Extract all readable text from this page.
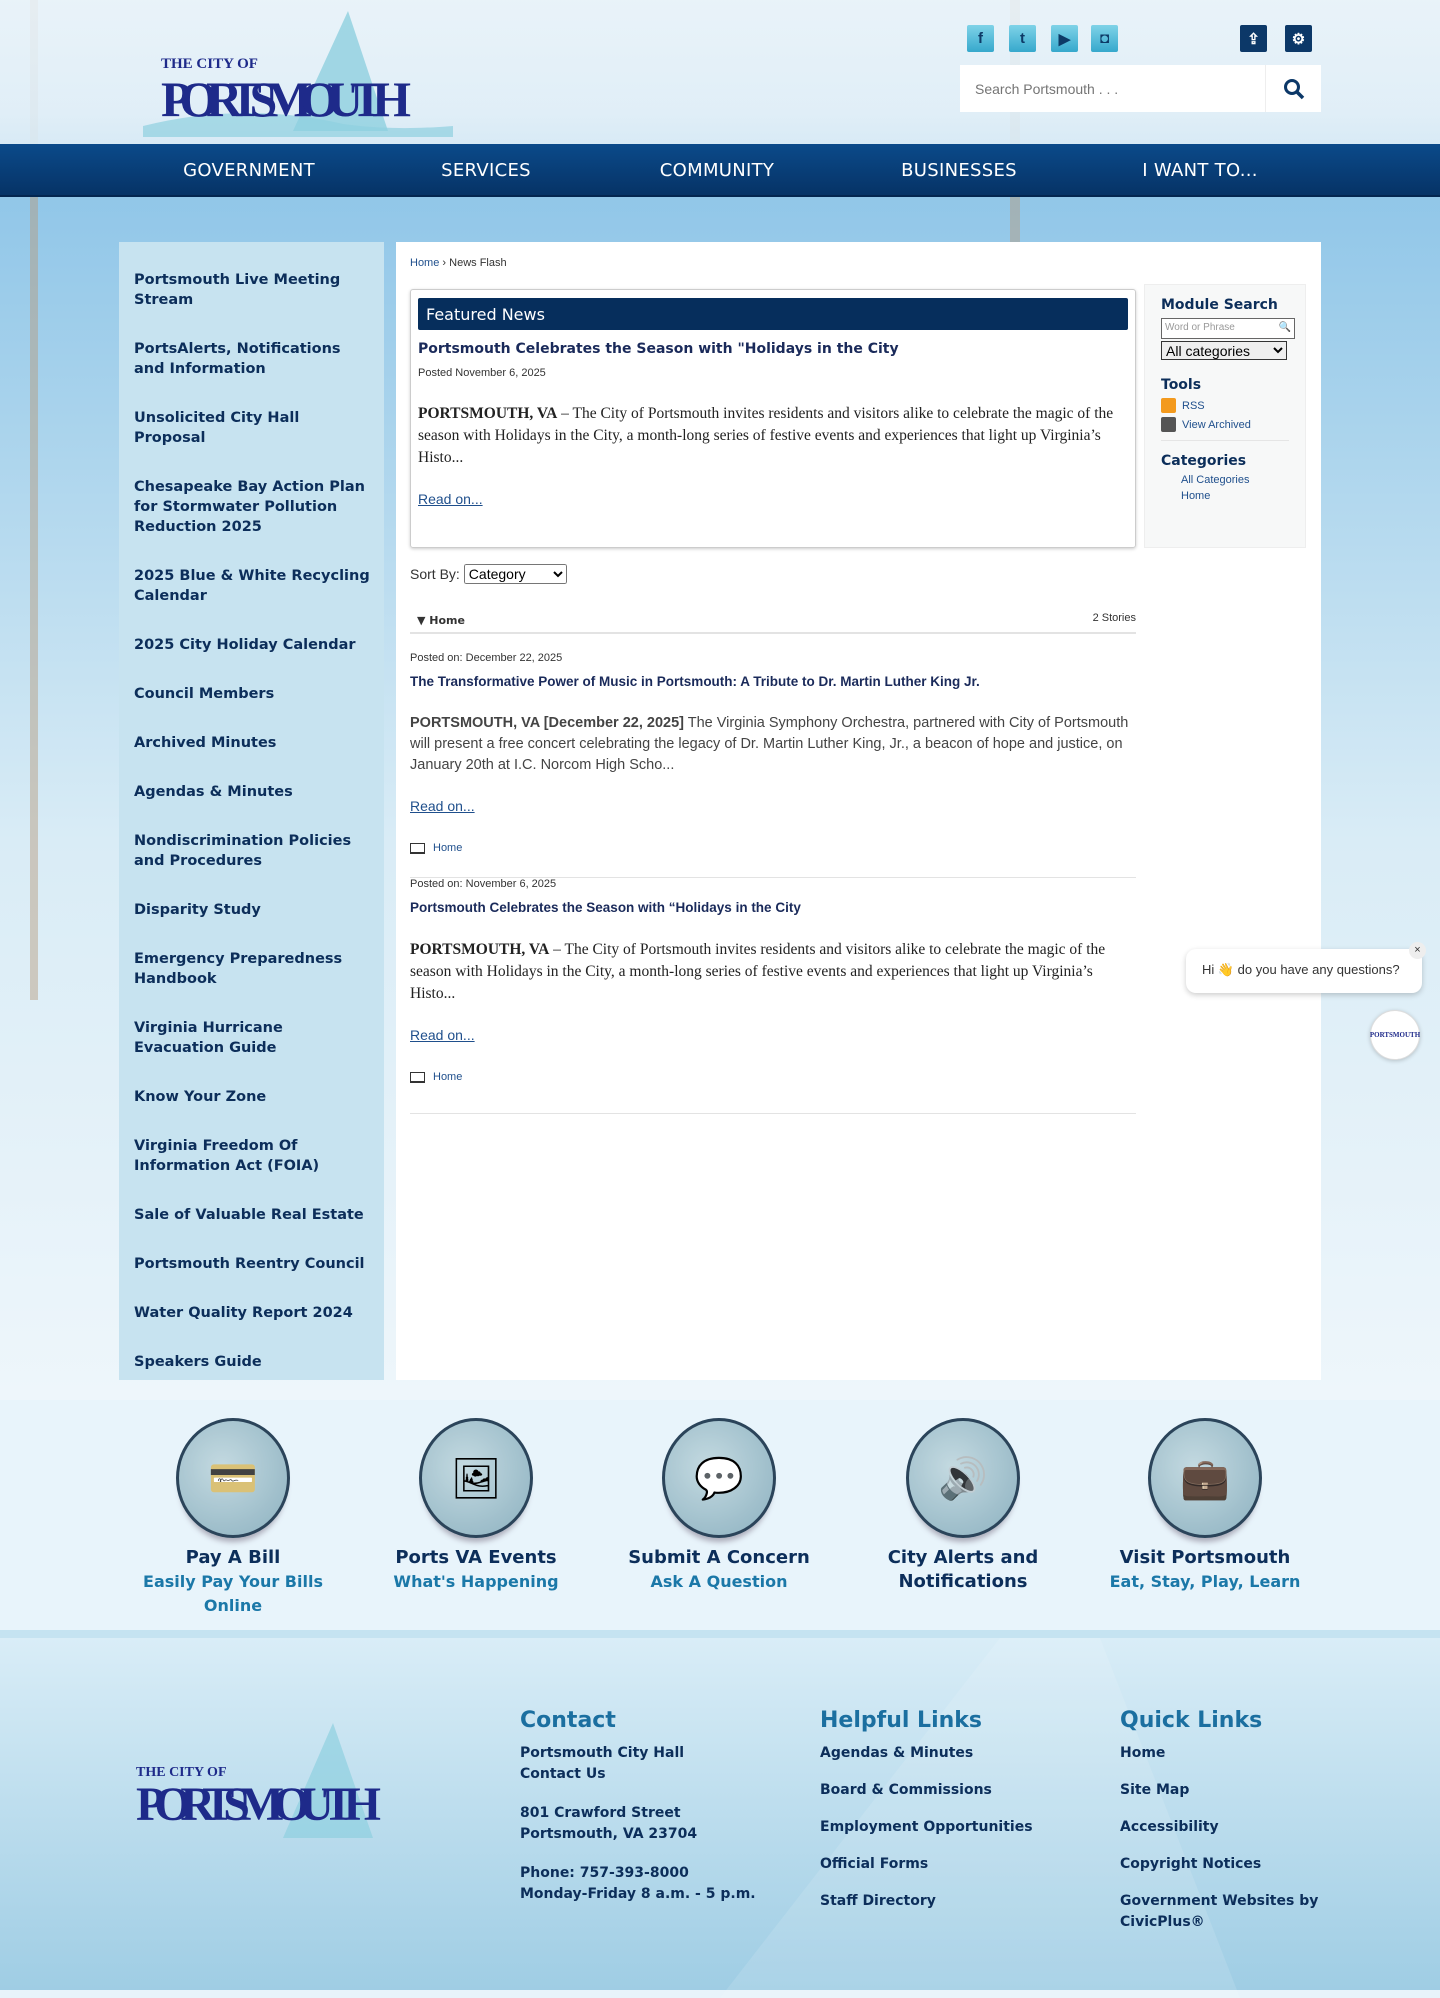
THE CITY OF
PORTSMOUTH
⇪	⚙
Search Portsmouth . . .
f	t	▶	◘
GOVERNMENT	SERVICES	COMMUNITY	BUSINESSES	I WANT TO...
Portsmouth Live Meeting Stream
PortsAlerts, Notifications and Information
Unsolicited City Hall Proposal
Chesapeake Bay Action Plan for Stormwater Pollution Reduction 2025
2025 Blue & White Recycling Calendar
2025 City Holiday Calendar
Council Members
Archived Minutes
Agendas & Minutes
Nondiscrimination Policies and Procedures
Disparity Study
Emergency Preparedness Handbook
Virginia Hurricane Evacuation Guide
Know Your Zone
Virginia Freedom Of Information Act (FOIA)
Sale of Valuable Real Estate
Portsmouth Reentry Council
Water Quality Report 2024
Speakers Guide
Home › News Flash
Featured News
Portsmouth Celebrates the Season with "Holidays in the City
Posted November 6, 2025

PORTSMOUTH, VA – The City of Portsmouth invites residents and visitors alike to celebrate the magic of the season with Holidays in the City, a month-long series of festive events and experiences that light up Virginia’s Histo...

Read on...
Module Search
Word or Phrase	🔍
All categories
Tools
RSS
View Archived
Categories
All Categories
Home
Sort By:
Category
▼ Home	2 Stories
Posted on: December 22, 2025
The Transformative Power of Music in Portsmouth: A Tribute to Dr. Martin Luther King Jr.

PORTSMOUTH, VA [December 22, 2025] The Virginia Symphony Orchestra, partnered with City of Portsmouth will present a free concert celebrating the legacy of Dr. Martin Luther King, Jr., a beacon of hope and justice, on January 20th at I.C. Norcom High Scho...

Read on...
Home
Posted on: November 6, 2025
Portsmouth Celebrates the Season with “Holidays in the City

PORTSMOUTH, VA – The City of Portsmouth invites residents and visitors alike to celebrate the magic of the season with Holidays in the City, a month-long series of festive events and experiences that light up Virginia’s Histo...

Read on...
Home
💳
Pay A Bill
Easily Pay Your Bills Online
🖼
Ports VA Events
What's Happening
💬
Submit A Concern
Ask A Question
🔊
City Alerts and Notifications
💼
Visit Portsmouth
Eat, Stay, Play, Learn
Hi 👋 do you have any questions?
×
PORTSMOUTH
THE CITY OF
PORTSMOUTH
Contact

Portsmouth City Hall

Contact Us

801 Crawford Street

Portsmouth, VA 23704

Phone: 757-393-8000

Monday-Friday 8 a.m. - 5 p.m.

Helpful Links
Agendas & Minutes
Board & Commissions
Employment Opportunities
Official Forms
Staff Directory
Quick Links
Home
Site Map
Accessibility
Copyright Notices
Government Websites by CivicPlus®
